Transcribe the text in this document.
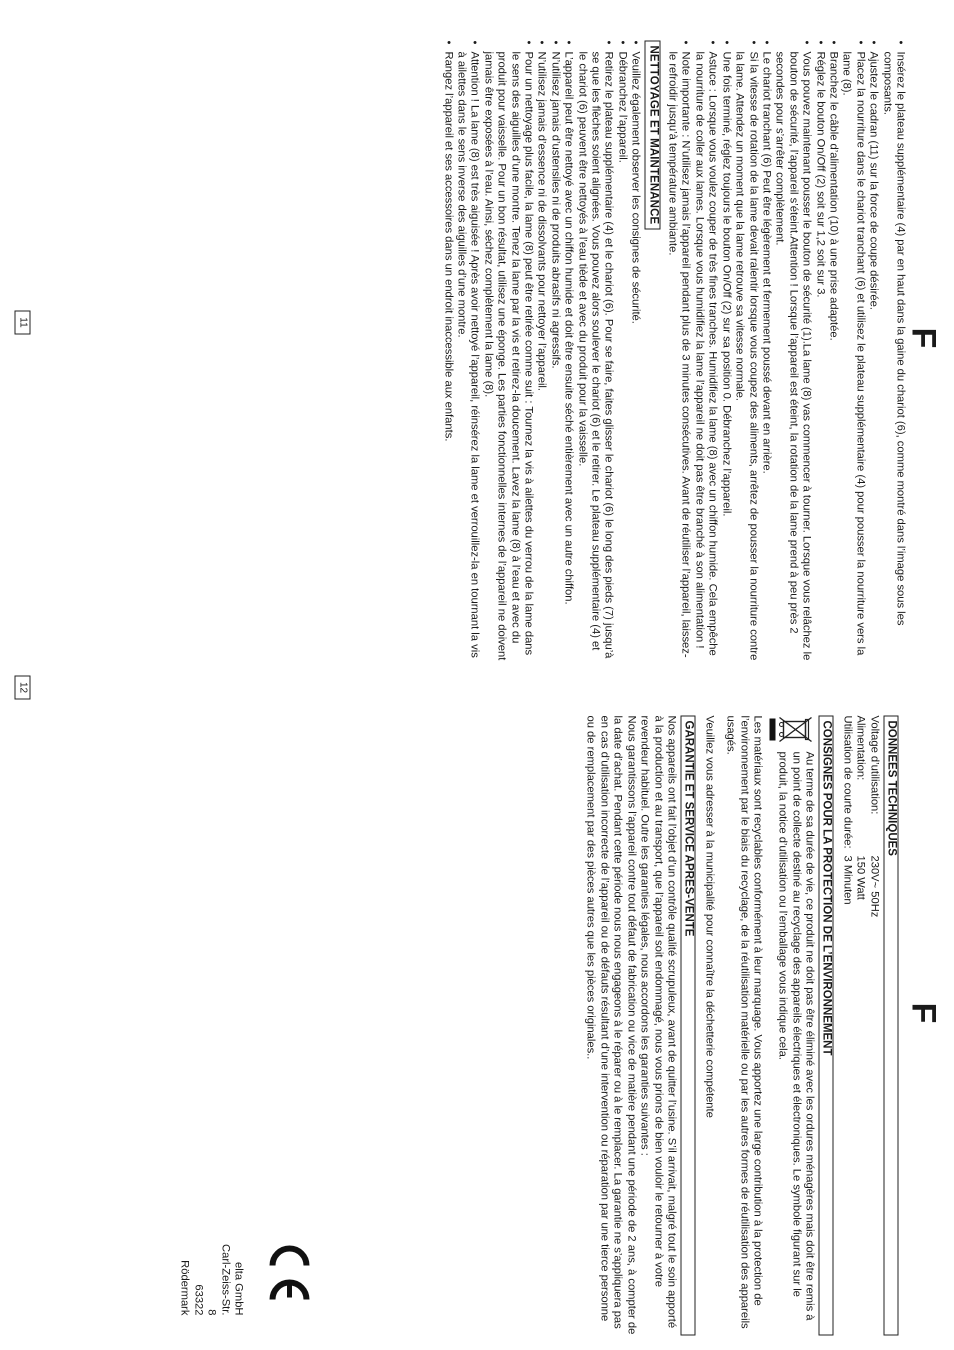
F
• Insérez le plateau supplémentaire (4) par en haut dans la gaine du chariot (6), comme montré dans l’image sous les composants.
• Ajustez le cadran (11) sur la force de coupe désirée.
• Placez la nourriture dans le chariot tranchant (6) et utilisez le plateau supplémentaire (4) pour pousser la nourriture vers la lame (8).
• Branchez le câble d’alimentation (10) à une prise adaptée.
• Réglez le bouton On/Off (2) soit sur 1,2 soit sur 3.
• Vous pouvez maintenant pousser le bouton de sécurité (1).La lame (8) vas commencer à tourner. Lorsque vous relâchez le bouton de sécurité, l’appareil s’éteint.Attention ! Lorsque l’appareil est éteint, la rotation de la lame prend à peu près 2 secondes pour s’arrêter complètement.
• Le chariot tranchant (6) Peut être légèrement et fermement poussé devant en arrière.
• Si la vitesse de rotation de la lame devait ralentir lorsque vous coupez des aliments, arrêtez de pousser la nourriture contre la lame. Attendez un moment que la lame retrouve sa vitesse normale.
• Une fois terminé, réglez toujours le bouton On/Off (2) sur sa position 0. Débranchez l’appareil.
• Astuce : Lorsque vous voulez couper de très fines tranches. Humidifiez la lame (8) avec un chiffon humide. Cela empêche la nourriture de coller aux lames. Lorsque vous humidifiez la lame l’appareil ne doit pas être branché à son alimentation !
• Note importante : N’utilisez jamais l’appareil pendant plus de 3 minutes consécutives. Avant de réutiliser l’appareil, laissez-le refroidir jusqu’à température ambiante.
NETTOYAGE ET MAINTENANCE
• Veuillez également observer les consignes de sécurité.
• Débranchez l’appareil.
• Retirez le plateau supplémentaire (4) et le chariot (6). Pour se faire, faites glisser le chariot (6) le long des pieds (7) jusqu’à se que les flèches soient alignées. Vous pouvez alors soulever le chariot (6) et le retirer. Le plateau supplémentaire (4) et le chariot (6) peuvent être nettoyés à l’eau tiède et avec du produit pour la vaisselle.
• L’appareil peut être nettoyé avec un chiffon humide et doit être ensuite séché entièrement avec un autre chiffon.
• N’utilisez jamais d’ustensiles ni de produits abrasifs ni agressifs.
• N’utilisez jamais d’essence ni de dissolvants pour nettoyer l’appareil.
• Pour un nettoyage plus facile, la lame (8) peut être retirée comme suit : Tournez la vis à ailettes du verrou de la lame dans le sens des aiguilles d’une montre. Tenez la lame par la vis et retirez-la doucement. Lavez la lame (8) à l’eau et avec du produit pour vaisselle. Pour un bon résultat, utilisez une éponge. Les parties fonctionnelles internes de l’appareil ne doivent jamais être exposées à l’eau. Ainsi, séchez complètement la lame (8).
• Attention ! La lame (8) est très aiguisée ! Après avoir nettoyé l’appareil, réinsérez la lame et verrouillez-la en tournant la vis à ailettes dans le sens inverse des aiguilles d’une montre.
• Rangez l’appareil et ses accessoires dans un endroit inaccessible aux enfants.
11
F
DONNEES TECHNIQUES
Voltage d’utilisation:
230V~ 50Hz
Alimentation:
150 Watt
Utilisation de courte durée:
3 Minuten
CONSIGNES POUR LA PROTECTION DE L’ENVIRONNEMENT

Au terme de sa durée de vie, ce produit ne doit pas être éliminé avec les ordures ménagères mais doit être remis à un point de collecte destiné au recyclage des appareils électriques et électroniques. Le symbole figurant sur le produit, la notice d’utilisation ou l’emballage vous indique cela.

Les matériaux sont recyclables conformément à leur marquage. Vous apportez une large contribution à la protection de l’environnement par le biais du recyclage, de la réutilisation matérielle ou par les autres formes de réutilisation des appareils usagés.

Veuillez vous adresser à la municipalité pour connaître la déchetterie compétente

GARANTIE ET SERVICE APRES-VENTE

Nos appareils ont fait l’objet d’un contrôle qualité scrupuleux, avant de quitter l’usine. S’il arrivait, malgré tout le soin apporté à la production et au transport, que l’appareil soit endommagé, nous vous prions de bien vouloir le retourner à votre revendeur habituel. Outre les garanties légales, nous accordons les garanties suivantes :

Nous garantissons l’appareil contre tout défaut de fabrication ou vice de matière pendant une période de 2 ans, à compter de la date d’achat. Pendant cette période nous nous engageons à le réparer ou à le remplacer. La garantie ne s’appliquera pas en cas d’utilisation incorrecte de l’appareil ou de défauts résultant d’une intervention ou réparation par une tierce personne ou de remplacement par des pièces autres que les pièces originales..

elta GmbH
Carl-Zeiss-Str. 8
63322 Rödermark
12
